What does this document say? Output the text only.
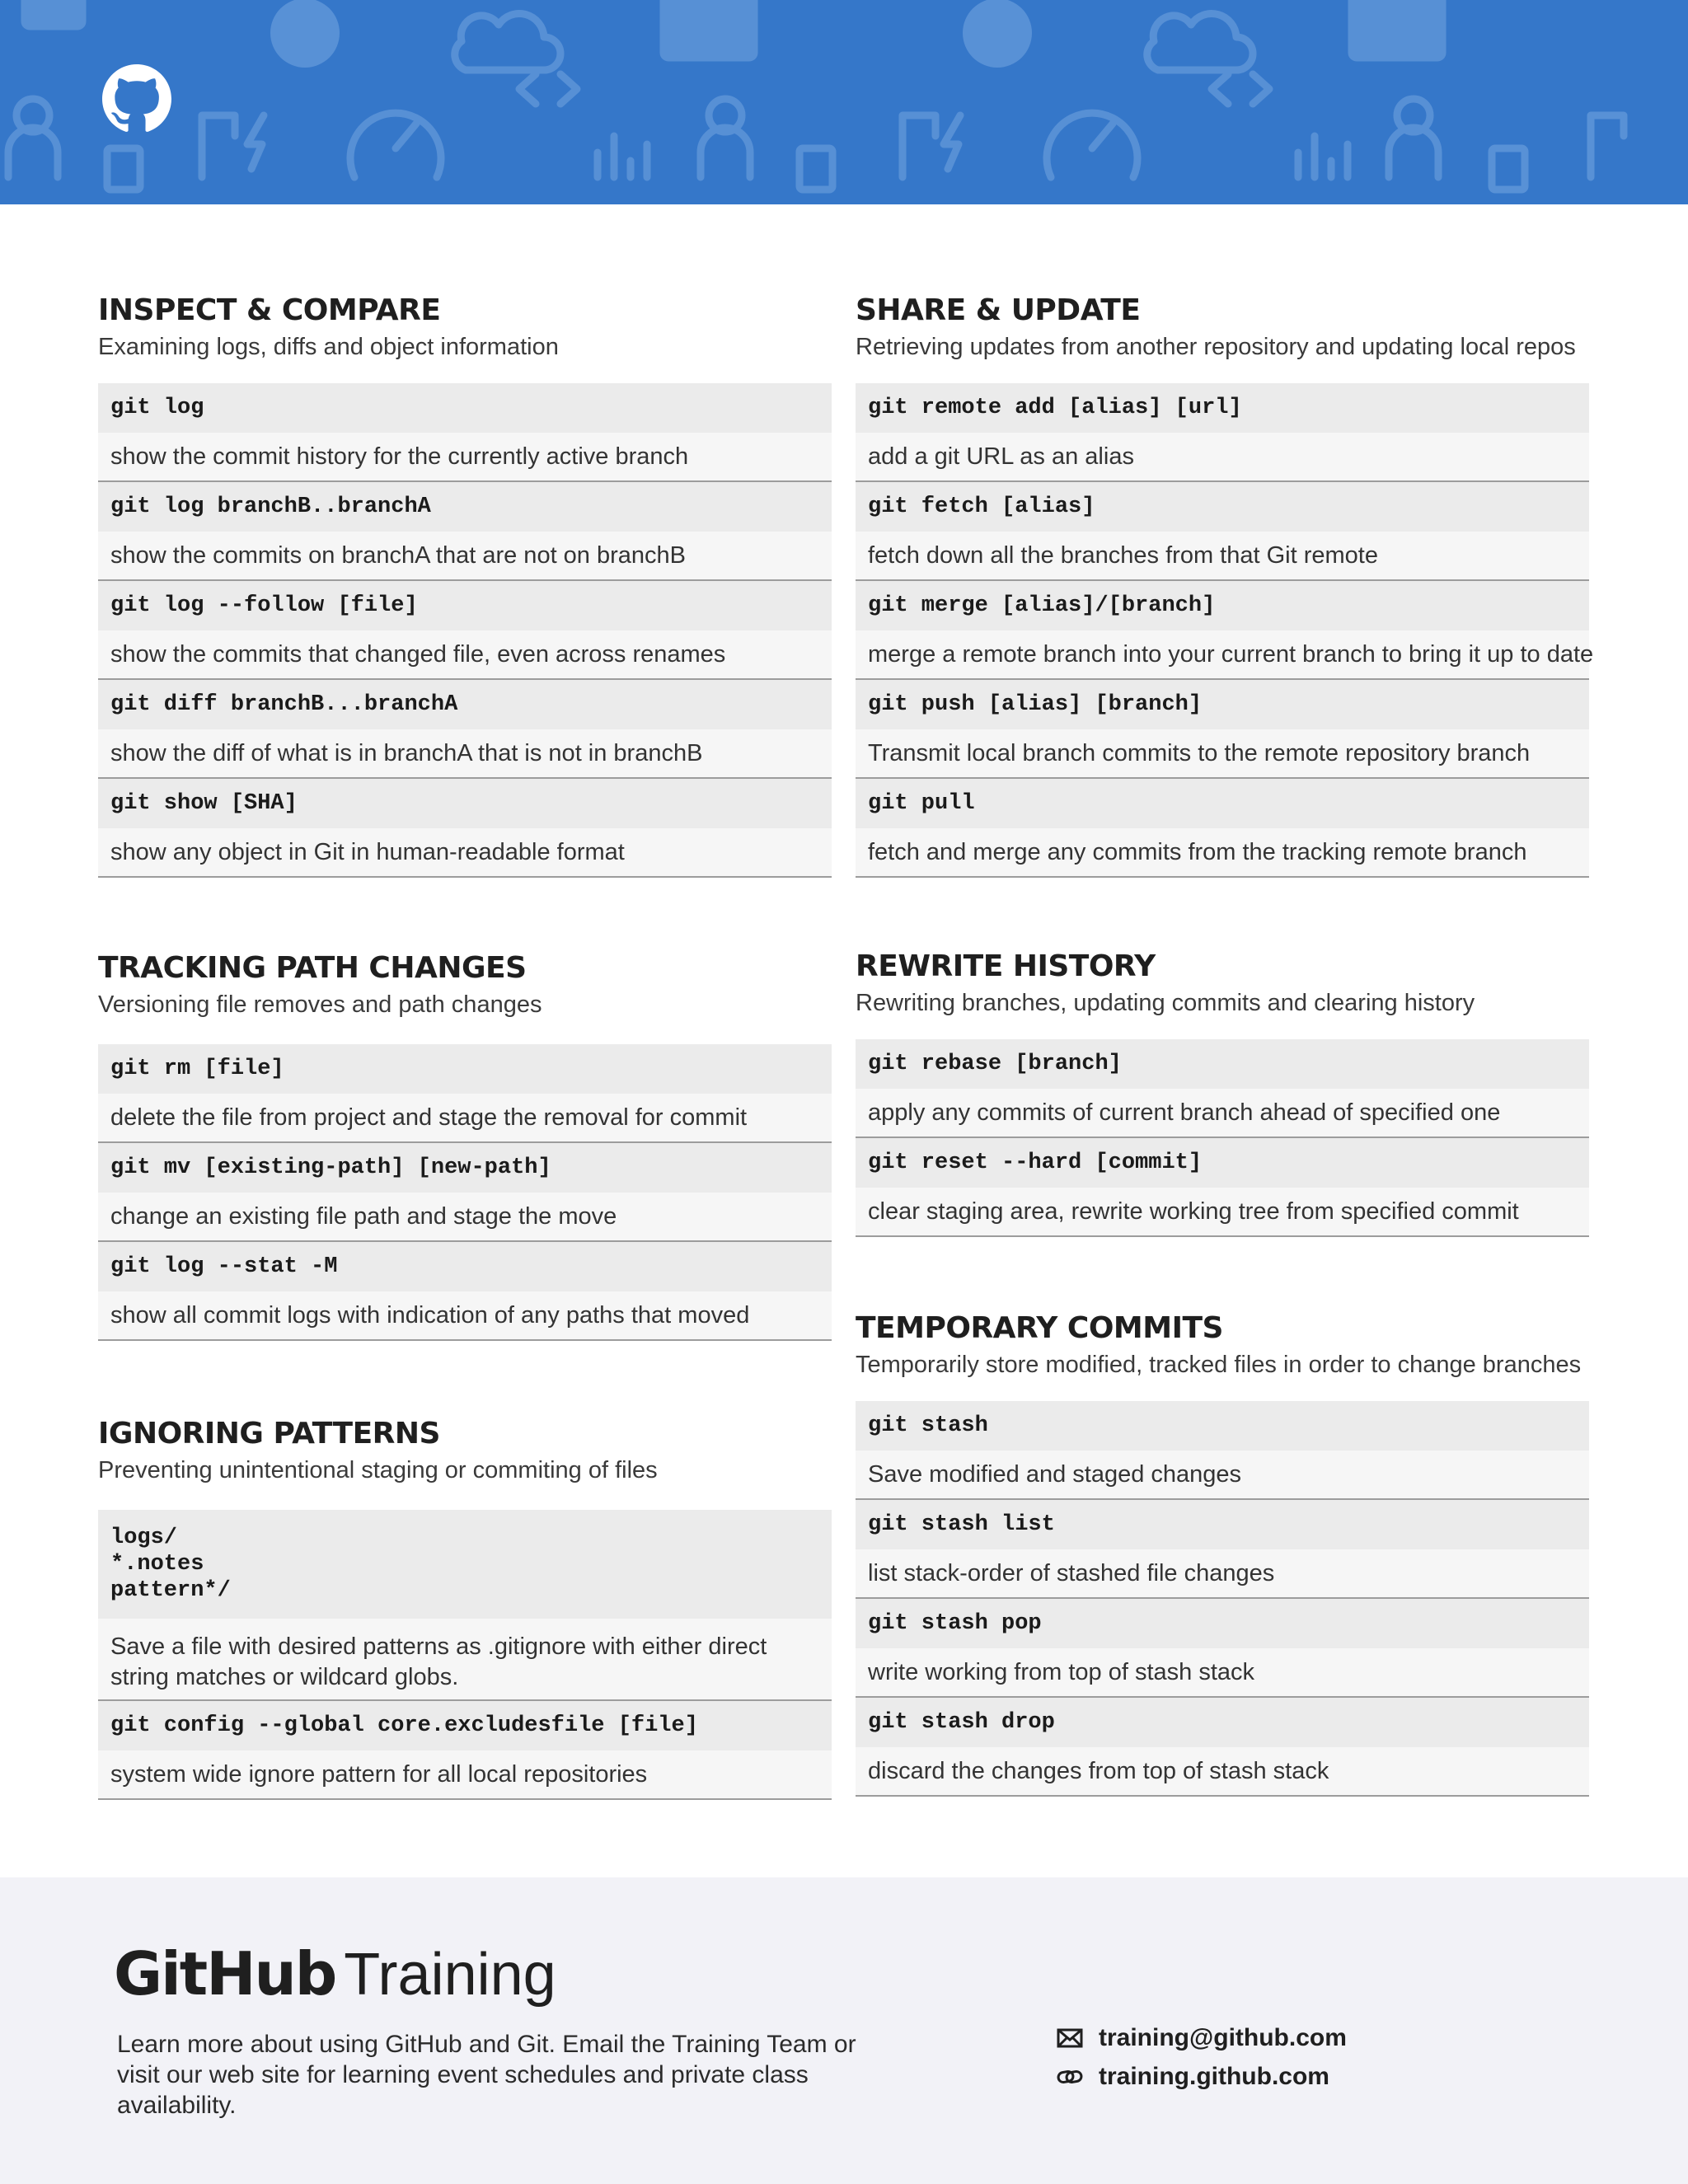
INSPECT & COMPARE
Examining logs, diffs and object information
git log
show the commit history for the currently active branch
git log branchB..branchA
show the commits on branchA that are not on branchB
git log --follow [file]
show the commits that changed file, even across renames
git diff branchB...branchA
show the diff of what is in branchA that is not in branchB
git show [SHA]
show any object in Git in human-readable format
TRACKING PATH CHANGES
Versioning file removes and path changes
git rm [file]
delete the file from project and stage the removal for commit
git mv [existing-path] [new-path]
change an existing file path and stage the move
git log --stat -M
show all commit logs with indication of any paths that moved
IGNORING PATTERNS
Preventing unintentional staging or commiting of files
logs/
*.notes
pattern*/
Save a file with desired patterns as .gitignore with either direct string matches or wildcard globs.
git config --global core.excludesfile [file]
system wide ignore pattern for all local repositories
SHARE & UPDATE
Retrieving updates from another repository and updating local repos
git remote add [alias] [url]
add a git URL as an alias
git fetch [alias]
fetch down all the branches from that Git remote
git merge [alias]/[branch]
merge a remote branch into your current branch to bring it up to date
git push [alias] [branch]
Transmit local branch commits to the remote repository branch
git pull
fetch and merge any commits from the tracking remote branch
REWRITE HISTORY
Rewriting branches, updating commits and clearing history
git rebase [branch]
apply any commits of current branch ahead of specified one
git reset --hard [commit]
clear staging area, rewrite working tree from specified commit
TEMPORARY COMMITS
Temporarily store modified, tracked files in order to change branches
git stash
Save modified and staged changes
git stash list
list stack-order of stashed file changes
git stash pop
write working from top of stash stack
git stash drop
discard the changes from top of stash stack
GitHub Training
Learn more about using GitHub and Git. Email the Training Team or visit our web site for learning event schedules and private class availability.
training@github.com
training.github.com
